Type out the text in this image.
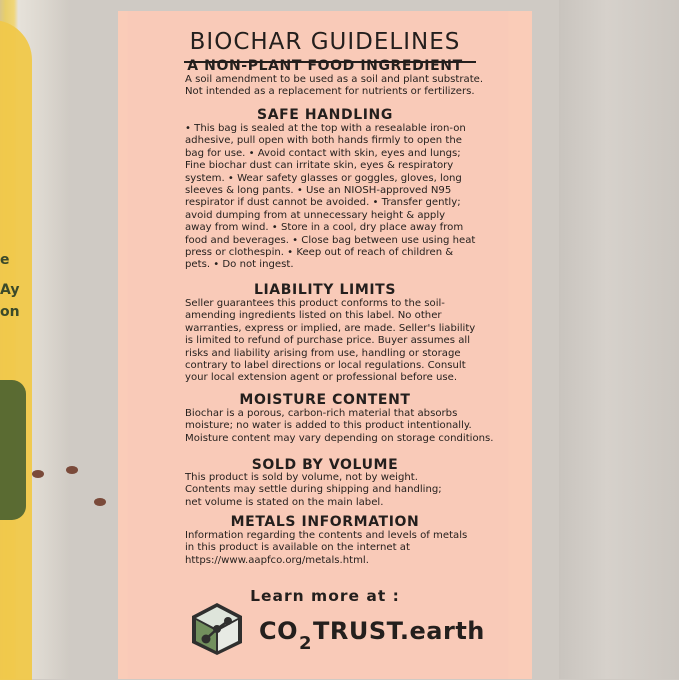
e
Ay
on
BIOCHAR GUIDELINES
A NON-PLANT FOOD INGREDIENT
A soil amendment to be used as a soil and plant substrate.
Not intended as a replacement for nutrients or fertilizers.
SAFE HANDLING
• This bag is sealed at the top with a resealable iron-on
adhesive, pull open with both hands firmly to open the
bag for use. • Avoid contact with skin, eyes and lungs;
Fine biochar dust can irritate skin, eyes & respiratory
system. • Wear safety glasses or goggles, gloves, long
sleeves & long pants. • Use an NIOSH-approved N95
respirator if dust cannot be avoided. • Transfer gently;
avoid dumping from at unnecessary height & apply
away from wind. • Store in a cool, dry place away from
food and beverages. • Close bag between use using heat
press or clothespin. • Keep out of reach of children &
pets. • Do not ingest.
LIABILITY LIMITS
Seller guarantees this product conforms to the soil-
amending ingredients listed on this label. No other
warranties, express or implied, are made. Seller's liability
is limited to refund of purchase price. Buyer assumes all
risks and liability arising from use, handling or storage
contrary to label directions or local regulations. Consult
your local extension agent or professional before use.
MOISTURE CONTENT
Biochar is a porous, carbon-rich material that absorbs
moisture; no water is added to this product intentionally.
Moisture content may vary depending on storage conditions.
SOLD BY VOLUME
This product is sold by volume, not by weight.
Contents may settle during shipping and handling;
net volume is stated on the main label.
METALS INFORMATION
Information regarding the contents and levels of metals
in this product is available on the internet at
https://www.aapfco.org/metals.html.
Learn more at :
$CO_2TRUST.earth$
